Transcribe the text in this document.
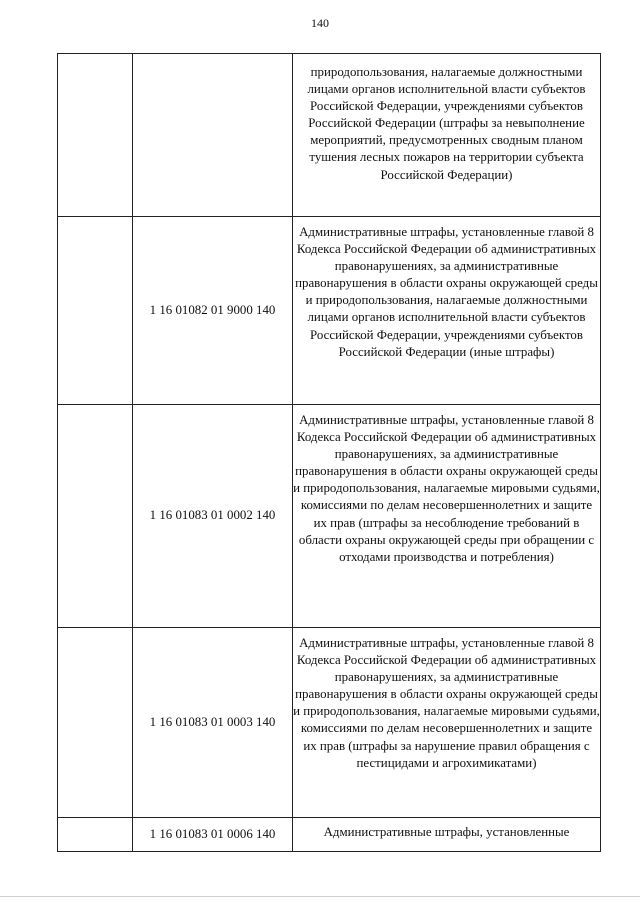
140
		природопользования, налагаемые должностными лицами органов исполнительной власти субъектов Российской Федерации, учреждениями субъектов Российской Федерации (штрафы за невыполнение мероприятий, предусмотренных сводным планом тушения лесных пожаров на территории субъекта Российской Федерации)
	1 16 01082 01 9000 140	Административные штрафы, установленные главой 8 Кодекса Российской Федерации об административных правонарушениях, за административные правонарушения в области охраны окружающей среды и природопользования, налагаемые должностными лицами органов исполнительной власти субъектов Российской Федерации, учреждениями субъектов Российской Федерации (иные штрафы)
	1 16 01083 01 0002 140	Административные штрафы, установленные главой 8 Кодекса Российской Федерации об административных правонарушениях, за административные правонарушения в области охраны окружающей среды и природопользования, налагаемые мировыми судьями, комиссиями по делам несовершеннолетних и защите их прав (штрафы за несоблюдение требований в области охраны окружающей среды при обращении с отходами производства и потребления)
	1 16 01083 01 0003 140	Административные штрафы, установленные главой 8 Кодекса Российской Федерации об административных правонарушениях, за административные правонарушения в области охраны окружающей среды и природопользования, налагаемые мировыми судьями, комиссиями по делам несовершеннолетних и защите их прав (штрафы за нарушение правил обращения с пестицидами и агрохимикатами)
	1 16 01083 01 0006 140	Административные штрафы, установленные
